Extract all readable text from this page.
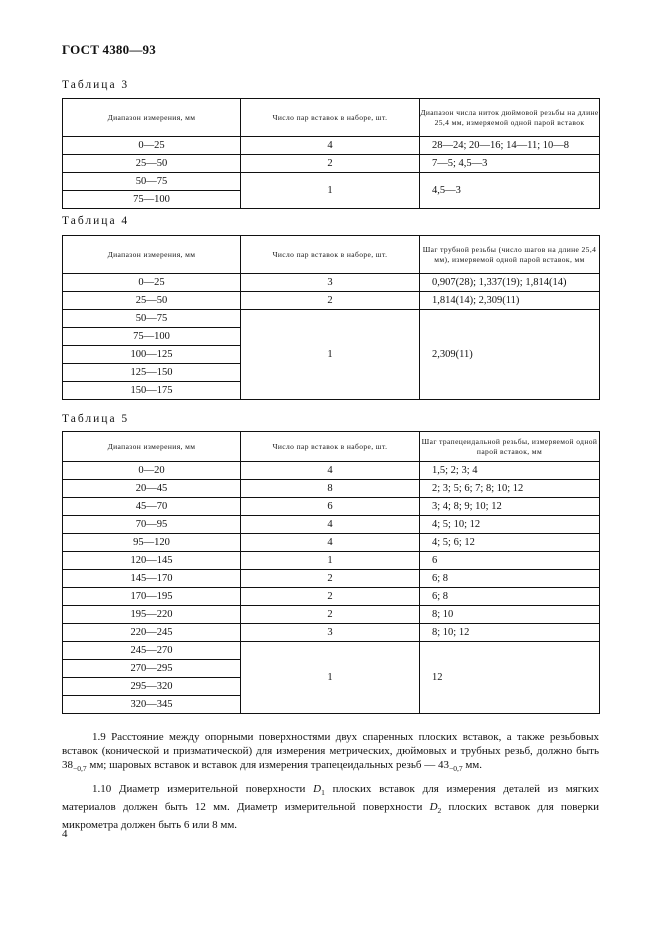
ГОСТ 4380—93
Таблица 3
Диапазон измерения, мм	Число пар вставок в наборе, шт.	Диапазон числа ниток дюймовой резьбы на длине 25,4 мм, измеряемой одной парой вставок
0—25	4	28—24; 20—16; 14—11; 10—8
25—50	2	7—5; 4,5—3
50—75	1	4,5—3
75—100		
Таблица 4
Диапазон измерения, мм	Число пар вставок в наборе, шт.	Шаг трубной резьбы (число шагов на длине 25,4 мм), измеряемой одной парой вставок, мм
0—25	3	0,907(28); 1,337(19); 1,814(14)
25—50	2	1,814(14); 2,309(11)
50—75	1	2,309(11)
75—100		
100—125		
125—150		
150—175		
Таблица 5
Диапазон измерения, мм	Число пар вставок в наборе, шт.	Шаг трапецеидальной резьбы, измеряемой одной парой вставок, мм
0—20	4	1,5; 2; 3; 4
20—45	8	2; 3; 5; 6; 7; 8; 10; 12
45—70	6	3; 4; 8; 9; 10; 12
70—95	4	4; 5; 10; 12
95—120	4	4; 5; 6; 12
120—145	1	6
145—170	2	6; 8
170—195	2	6; 8
195—220	2	8; 10
220—245	3	8; 10; 12
245—270	1	12
270—295		
295—320		
320—345		

1.9 Расстояние между опорными поверхностями двух спаренных плоских вставок, а также резьбовых вставок (конической и призматической) для измерения метрических, дюймовых и трубных резьб, должно быть $38_{-0,7}$ мм; шаровых вставок и вставок для измерения трапецеидальных резьб — $43_{-0,7}$ мм.

1.10 Диаметр измерительной поверхности $D_1$ плоских вставок для измерения деталей из мягких материалов должен быть 12 мм. Диаметр измерительной поверхности $D_2$ плоских вставок для поверки микрометра должен быть 6 или 8 мм.

4
